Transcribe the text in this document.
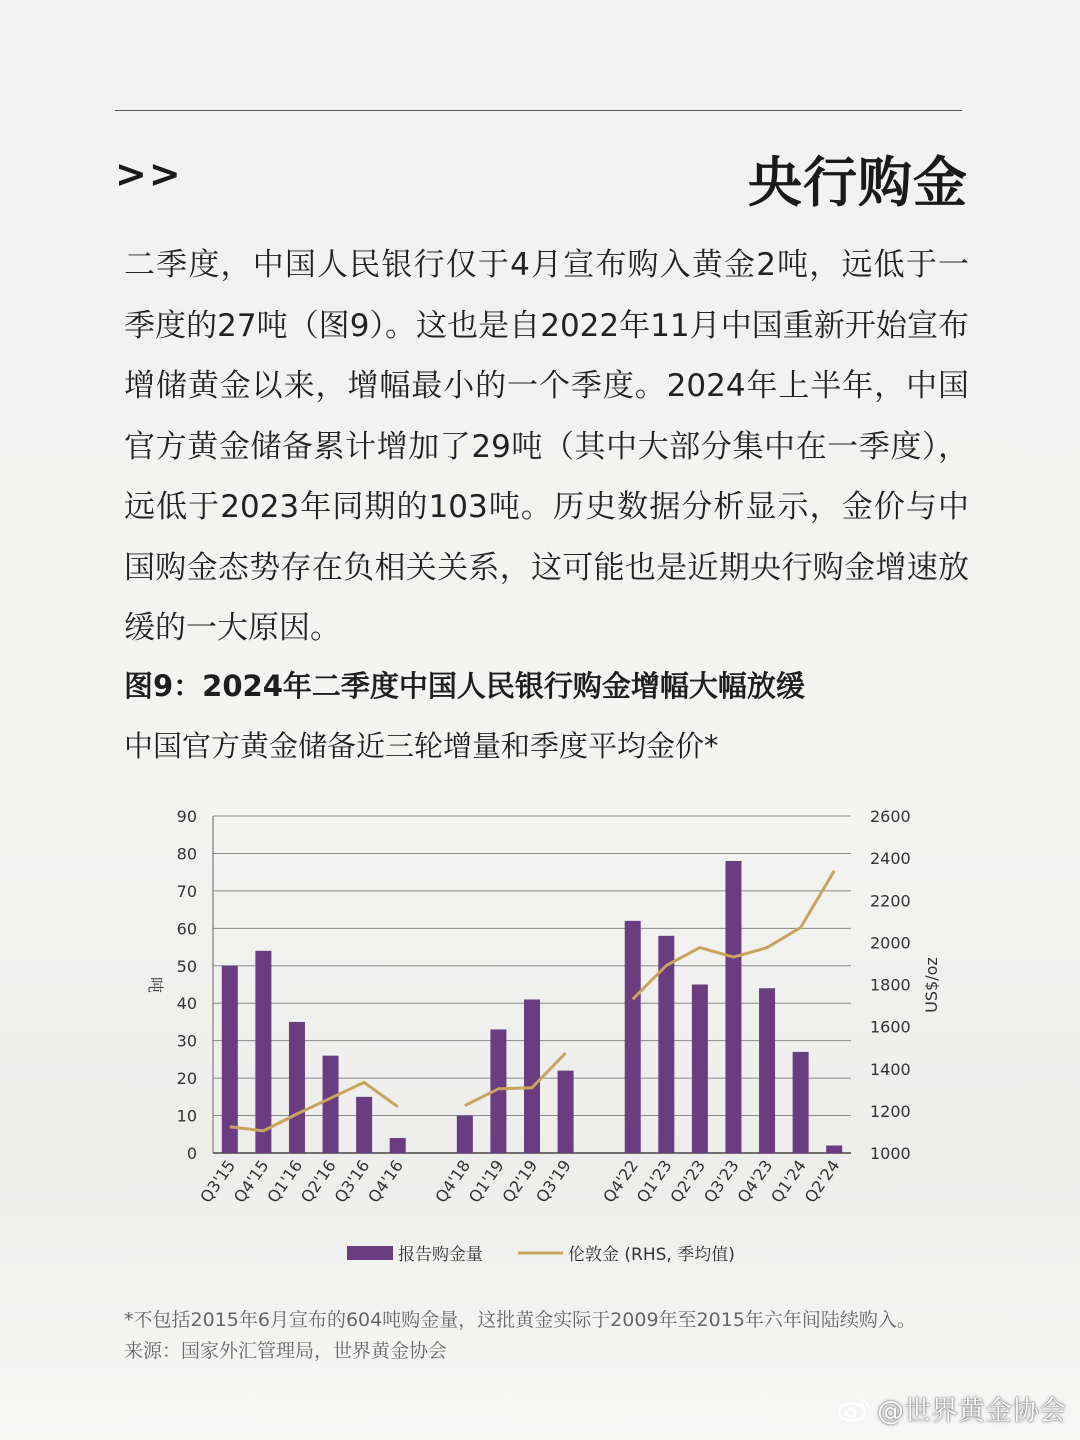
>>	央行购金
二季度，中国人民银行仅于4月宣布购入黄金2吨，远低于一季度的27吨（图9）。这也是自2022年11月中国重新开始宣布增储黄金以来，增幅最小的一个季度。2024年上半年，中国官方黄金储备累计增加了29吨（其中大部分集中在一季度），远低于2023年同期的103吨。历史数据分析显示，金价与中国购金态势存在负相关关系，这可能也是近期央行购金增速放缓的一大原因。
图9：2024年二季度中国人民银行购金增幅大幅放缓
中国官方黄金储备近三轮增量和季度平均金价*
0
10
20
30
40
50
60
70
80
90
1000
1200
1400
1600
1800
2000
2200
2400
2600
Q3'15
Q4'15
Q1'16
Q2'16
Q3'16
Q4'16 Q4'18
Q1'19
Q2'19
Q3'19 Q4'22
Q1'23
Q2'23
Q3'23
Q4'23
Q1'24
Q2'24
吨	US$/oz
报告购金量	伦敦金 (RHS, 季均值)
*不包括2015年6月宣布的604吨购金量，这批黄金实际于2009年至2015年六年间陆续购入。
来源：国家外汇管理局，世界黄金协会
@世界黄金协会
